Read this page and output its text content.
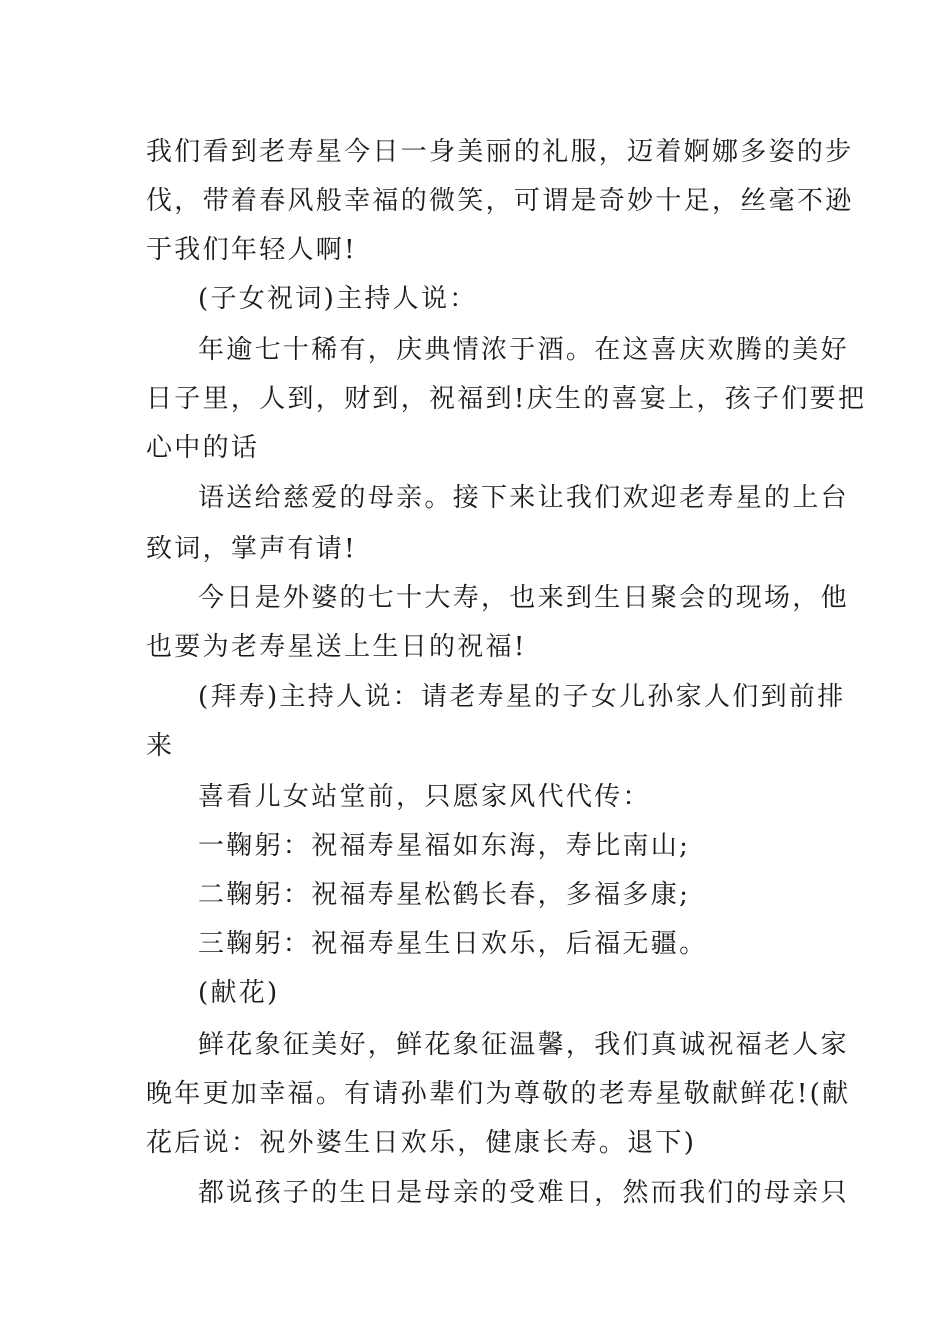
我们看到老寿星今日一身美丽的礼服，迈着婀娜多姿的步
伐，带着春风般幸福的微笑，可谓是奇妙十足，丝毫不逊
于我们年轻人啊!
(子女祝词)主持人说：
年逾七十稀有，庆典情浓于酒。在这喜庆欢腾的美好
日子里，人到，财到，祝福到!庆生的喜宴上，孩子们要把
心中的话
语送给慈爱的母亲。接下来让我们欢迎老寿星的上台
致词，掌声有请!
今日是外婆的七十大寿，也来到生日聚会的现场，他
也要为老寿星送上生日的祝福!
(拜寿)主持人说：请老寿星的子女儿孙家人们到前排
来
喜看儿女站堂前，只愿家风代代传：
一鞠躬：祝福寿星福如东海，寿比南山;
二鞠躬：祝福寿星松鹤长春，多福多康;
三鞠躬：祝福寿星生日欢乐，后福无疆。
(献花)
鲜花象征美好，鲜花象征温馨，我们真诚祝福老人家
晚年更加幸福。有请孙辈们为尊敬的老寿星敬献鲜花!(献
花后说：祝外婆生日欢乐，健康长寿。退下)
都说孩子的生日是母亲的受难日，然而我们的母亲只
